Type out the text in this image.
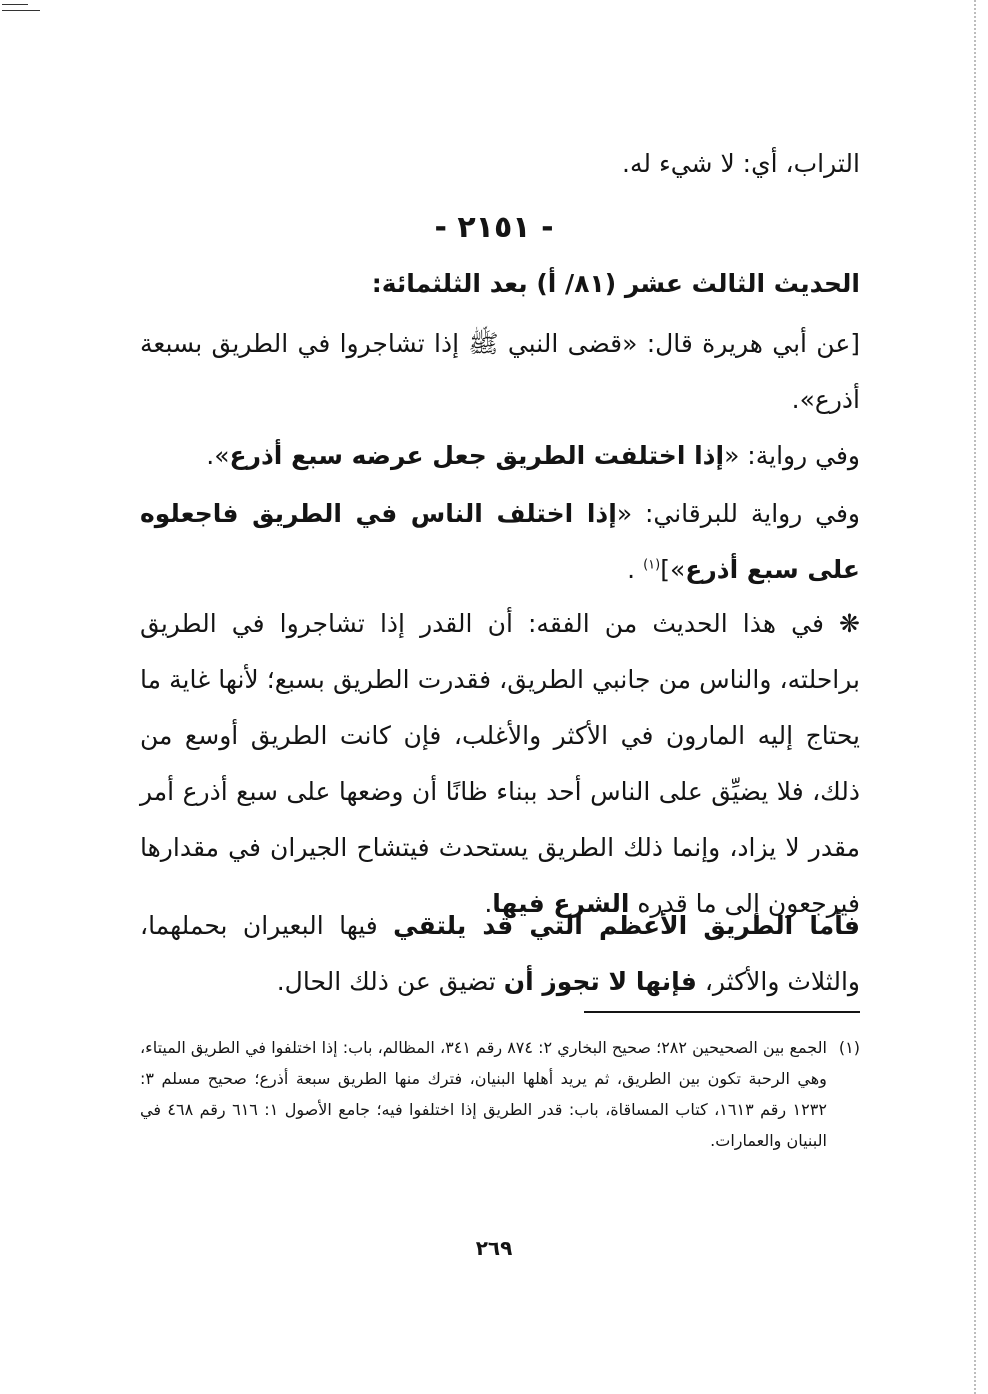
التراب، أي: لا شيء له.

- ٢١٥١ -

الحديث الثالث عشر (٨١/ أ) بعد الثلثمائة:

[عن أبي هريرة قال: «قضى النبي ﷺ إذا تشاجروا في الطريق بسبعة أذرع».

وفي رواية: «إذا اختلفت الطريق جعل عرضه سبع أذرع».

وفي رواية للبرقاني: «إذا اختلف الناس في الطريق فاجعلوه على سبع أذرع»]$^{(١)}$ .

❋ في هذا الحديث من الفقه: أن القدر إذا تشاجروا في الطريق براحلته، والناس من جانبي الطريق، فقدرت الطريق بسبع؛ لأنها غاية ما يحتاج إليه المارون في الأكثر والأغلب، فإن كانت الطريق أوسع من ذلك، فلا يضيِّق على الناس أحد ببناء ظانًا أن وضعها على سبع أذرع أمر مقدر لا يزاد، وإنما ذلك الطريق يستحدث فيتشاح الجيران في مقدارها فيرجعون إلى ما قدره الشرع فيها.

فأما الطريق الأعظم التي قد يلتقي فيها البعيران بحملهما، والثلاث والأكثر، فإنها لا تجوز أن تضيق عن ذلك الحال.

(١)
الجمع بين الصحيحين ٢٨٢؛ صحيح البخاري ٢: ٨٧٤ رقم ٣٤١، المظالم، باب: إذا اختلفوا في الطريق الميتاء، وهي الرحبة تكون بين الطريق، ثم يريد أهلها البنيان، فترك منها الطريق سبعة أذرع؛ صحيح مسلم ٣: ١٢٣٢ رقم ١٦١٣، كتاب المساقاة، باب: قدر الطريق إذا اختلفوا فيه؛ جامع الأصول ١: ٦١٦ رقم ٤٦٨ في البنيان والعمارات.
٢٦٩
